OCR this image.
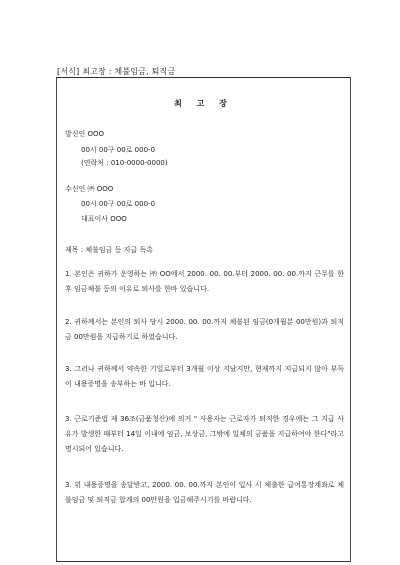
[서식] 최고장 : 체불임금, 퇴직금
최 고 장
발신인 OOO
00시 00구 00로 000-0
(연락처 : 010-0000-0000)
수신인 ㈜ OOO
00시 00구 00로 000-0
대표이사 OOO
제목 : 체불임금 등 지급 독촉
1. 본인은 귀하가 운영하는 ㈜ OO에서 2000. 00. 00.부터 2000. 00. 00.까지 근무를 한 후 임금체불 등의 이유로 퇴사를 한바 있습니다.
2. 귀하께서는 본인의 퇴사 당시 2000. 00. 00.까지 체불된 임금(0개월분 00만원)과 퇴직금 00만원을 지급하기로 하였습니다.
3. 그러나 귀하께서 약속한 기일로부터 3개월 이상 지났지만, 현재까지 지급되지 않아 부득이 내용증명을 송부하는 바 입니다.
3. 근로기준법 제 36조(금품청산)에 의거 " 사용자는 근로자가 퇴직한 경우에는 그 지급 사유가 발생한 때부터 14일 이내에 임금, 보상금, 그밖에 일체의 금품을 지급하여야 한다"라고 명시되어 있습니다.
3. 위 내용증명을 송달받고, 2000. 00. 00.까지 본인이 입사 시 체출한 급여통장계좌로 체불임금 및 퇴직금 합계의 00만원을 입금해주시기를 바랍니다.
